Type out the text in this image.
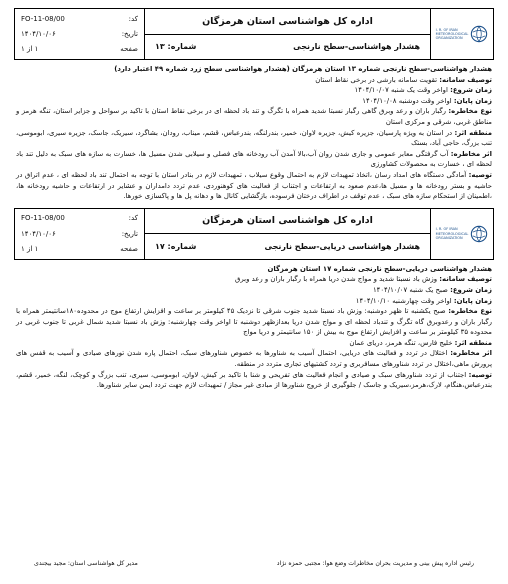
کد:
FO-11-08/00
تاریخ:
۱۴۰۴/۱۰/۰۶
صفحه
۱ از ۱
اداره کل هواشناسی استان هرمزگان
هشدار هواشناسی-سطح نارنجی
شماره: ۱۳
I. R. OF IRAN
METEOROLOGICAL
ORGANIZATION

هشدار هواشناسی-سطح نارنجی شماره ۱۳ استان هرمزگان (هشدار هواشناسی سطح زرد شماره ۴۹ اعتبار دارد)

توصیف سامانه: تقویت سامانه بارشی در برخی نقاط استان

زمان شروع: اواخر وقت یک شنبه ۱۴۰۴/۱۰/۰۷

زمان پایان: اواخر وقت دوشنبه ۱۴۰۴/۱۰/۰۸

نوع مخاطره: رگبار باران و رعد وبرق گاهی رگبار نسبتا شدید همراه با تگرگ و تند باد لحظه ای در برخی نقاط استان با تاکید بر سواحل و جزایر استان، تنگه هرمز و مناطق غربی، شرقی و مرکزی استان

منطقه اثر: در استان به ویژه پارسیان، جزیره کیش، جزیره لاوان، خمیر، بندرلنگه، بندرعباس، قشم، میناب، رودان، بشاگرد، سیریک، جاسک، جزیره سیری، ابوموسی، تنب بزرگ، حاجی آباد، بستک

اثر مخاطره: آب گرفتگی معابر عمومی و جاری شدن روان آب،بالا آمدن آب رودخانه های فصلی و سیلابی شدن مسیل ها، خسارت به سازه های سبک به دلیل تند باد لحظه ای ، خسارت به محصولات کشاورزی

توصیه: آمادگی دستگاه های امداد رسان ،اتخاذ تمهیدات لازم به احتمال وقوع سیلاب ، تمهیدات لازم در بنادر استان با توجه به احتمال تند باد لحظه ای ، عدم اتراق در حاشیه و بستر رودخانه ها و مسیل ها،عدم صعود به ارتفاعات و اجتناب از فعالیت های کوهنوردی، عدم تردد دامداران و عشایر در ارتفاعات و حاشیه رودخانه ها، ،اطمینان از استحکام سازه های سبک ، عدم توقف در اطراف درختان فرسوده، بازگشایی کانال ها و دهانه پل ها و پاکسازی خورها.

کد:
FO-11-08/00
تاریخ:
۱۴۰۴/۱۰/۰۶
صفحه
۱ از ۱
اداره کل هواشناسی استان هرمزگان
هشدار هواشناسی دریایی-سطح نارنجی
شماره: ۱۷
I. R. OF IRAN
METEOROLOGICAL
ORGANIZATION

هشدار هواشناسی دریایی-سطح نارنجی شماره ۱۷ استان هرمزگان

توصیف سامانه: وزش باد نسبتا شدید و مواج شدن دریا همراه با رگبار باران و رعد وبرق

زمان شروع: صبح یک شنبه ۱۴۰۴/۱۰/۰۷

زمان پایان: اواخر وقت چهارشنبه ۱۴۰۴/۱۰/۱۰

نوع مخاطره: صبح یکشنبه تا ظهر دوشنبه: وزش باد نسبتا شدید جنوب شرقی تا نزدیک ۴۵ کیلومتر بر ساعت و افزایش ارتفاع موج در محدوده۱۸۰سانتیمتر همراه با رگبار باران و رعدوبرق گاه تگرگ و تندباد لحظه ای و مواج شدن دریا بعدازظهر دوشنبه تا اواخر وقت چهارشنبه: وزش باد نسبتا شدید شمال غربی تا جنوب غربی در محدوده ۳۵ کیلومتر بر ساعت و افزایش ارتفاع موج به بیش از ۱۵۰ سانتیمتر و دریا مواج

منطقه اثر: خلیج فارس، تنگه هرمز، دریای عمان

اثر مخاطره: اختلال در تردد و فعالیت های دریایی، احتمال آسیب به شناورها به خصوص شناورهای سبک، احتمال پاره شدن تورهای صیادی و آسیب به قفس های پرورش ماهی،اختلال در تردد شناورهای مسافربری و تردد کشتیهای تجاری متردد در منطقه.

توصیه: اجتناب از تردد شناورهای سبک و صیادی و انجام فعالیت های تفریحی و شنا با تاکید بر کیش، لاوان، ابوموسی، سیری، تنب بزرگ و کوچک، لنگه، خمیر، قشم، بندرعباس،هنگام، لارک،هرمز،سیریک و جاسک / جلوگیری از خروج شناورها از مبادی غیر مجاز / تمهیدات لازم جهت تردد ایمن سایر شناورها.

رئیس اداره پیش بینی و مدیریت بحران مخاطرات وضع هوا: مجتبی حمزه نژاد
مدیر کل هواشناسی استان: مجید بیجندی
